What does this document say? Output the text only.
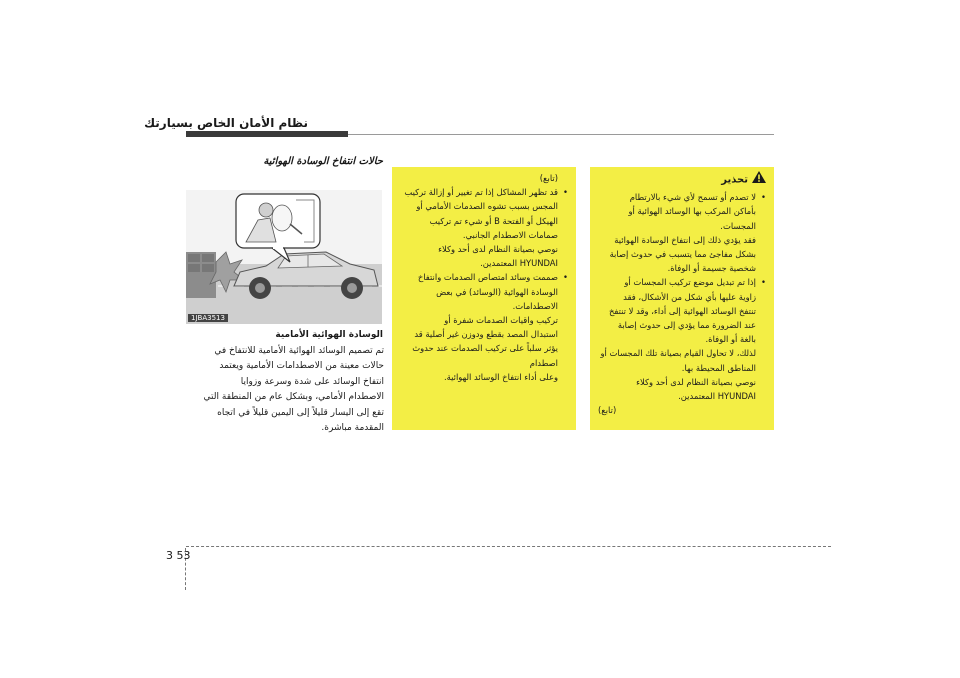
نظام الأمان الخاص بسيارتك
حالات انتفاخ الوسادة الهوائية
1JBA3513
الوسادة الهوائية الأمامية
تم تصميم الوسائد الهوائية الأمامية للانتفاخ في
حالات معينة من الاصطدامات الأمامية ويعتمد
انتفاخ الوسائد على شدة وسرعة وزوايا
الاصطدام الأمامي، وبشكل عام من المنطقة التي
تقع إلى اليسار قليلاً إلى اليمين قليلاً في اتجاه
المقدمة مباشرة.

(تابع)

• قد تظهر المشاكل إذا تم تغيير أو إزالة تركيب

المجس بسبب تشوه الصدمات الأمامي أو

الهيكل أو الفتحة B أو شيء تم تركيب

صمامات الاصطدام الجانبي.

نوصي بصيانة النظام لدى أحد وكلاء

HYUNDAI المعتمدين.

• صممت وسائد امتصاص الصدمات وانتفاخ

الوسادة الهوائية (الوسائد) في بعض

الاصطدامات.

تركيب واقيات الصدمات شفرة أو

استبدال المصد بقطع ودوزن غير أصلية قد

يؤثر سلباً على تركيب الصدمات عند حدوث اصطدام

وعلى أداء انتفاخ الوسائد الهوائية.

تحذير

• لا تصدم أو تسمح لأي شيء بالارتطام

بأماكن المركب بها الوسائد الهوائية أو

المجسات.

فقد يؤدي ذلك إلى انتفاخ الوسادة الهوائية

بشكل مفاجئ مما يتسبب في حدوث إصابة

شخصية جسيمة أو الوفاة.

• إذا تم تبديل موضع تركيب المجسات أو

زاوية عليها بأي شكل من الأشكال، فقد

تنتفخ الوسائد الهوائية إلى أداء، وقد لا تنتفخ

عند الضرورة مما يؤدي إلى حدوث إصابة

بالغة أو الوفاة.

لذلك، لا تحاول القيام بصيانة تلك المجسات أو

المناطق المحيطة بها.

نوصي بصيانة النظام لدى أحد وكلاء

HYUNDAI المعتمدين.

(تابع)

3 53
